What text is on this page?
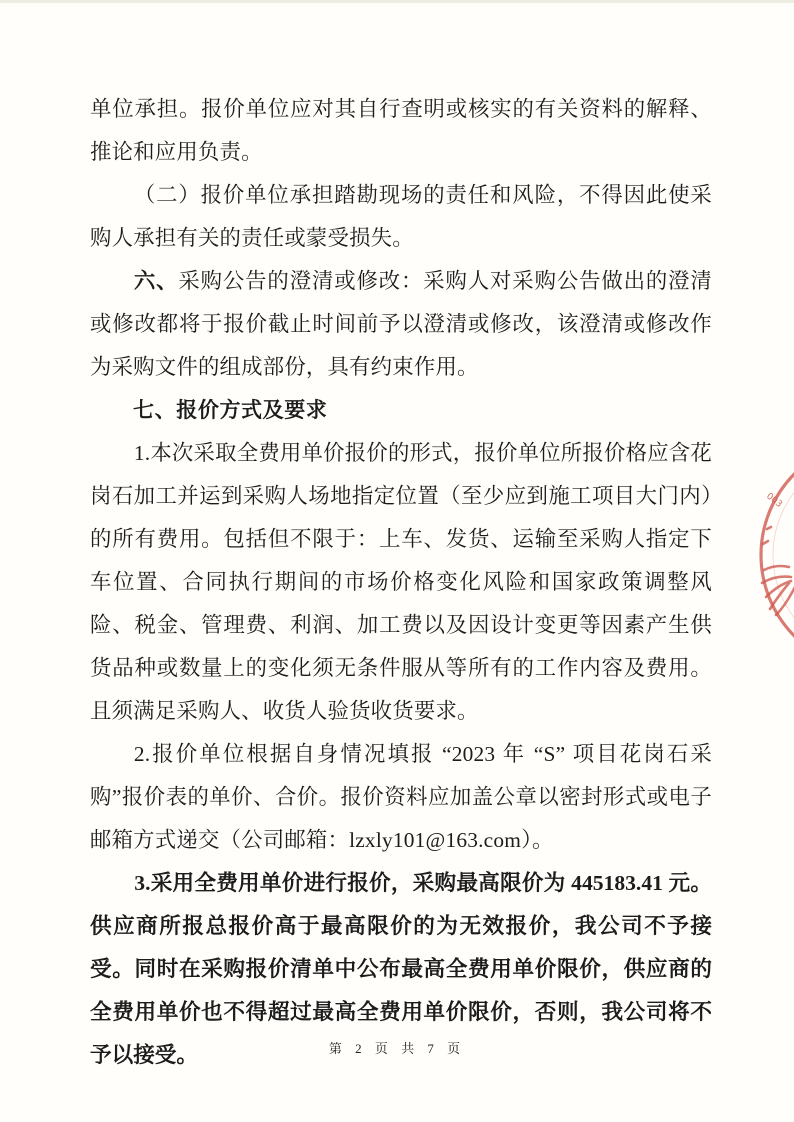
单位承担。报价单位应对其自行查明或核实的有关资料的解释、推论和应用负责。

（二）报价单位承担踏勘现场的责任和风险，不得因此使采购人承担有关的责任或蒙受损失。

六、采购公告的澄清或修改：采购人对采购公告做出的澄清或修改都将于报价截止时间前予以澄清或修改，该澄清或修改作为采购文件的组成部份，具有约束作用。

七、报价方式及要求

1.本次采取全费用单价报价的形式，报价单位所报价格应含花岗石加工并运到采购人场地指定位置（至少应到施工项目大门内）的所有费用。包括但不限于：上车、发货、运输至采购人指定下车位置、合同执行期间的市场价格变化风险和国家政策调整风险、税金、管理费、利润、加工费以及因设计变更等因素产生供货品种或数量上的变化须无条件服从等所有的工作内容及费用。且须满足采购人、收货人验货收货要求。

2.报价单位根据自身情况填报 “2023 年 “S” 项目花岗石采购”报价表的单价、合价。报价资料应加盖公章以密封形式或电子邮箱方式递交（公司邮箱：lzxly101@163.com）。

3.采用全费用单价进行报价，采购最高限价为 445183.41 元。供应商所报总报价高于最高限价的为无效报价，我公司不予接受。同时在采购报价清单中公布最高全费用单价限价，供应商的全费用单价也不得超过最高全费用单价限价，否则，我公司将不予以接受。

003
第 2 页 共 7 页
